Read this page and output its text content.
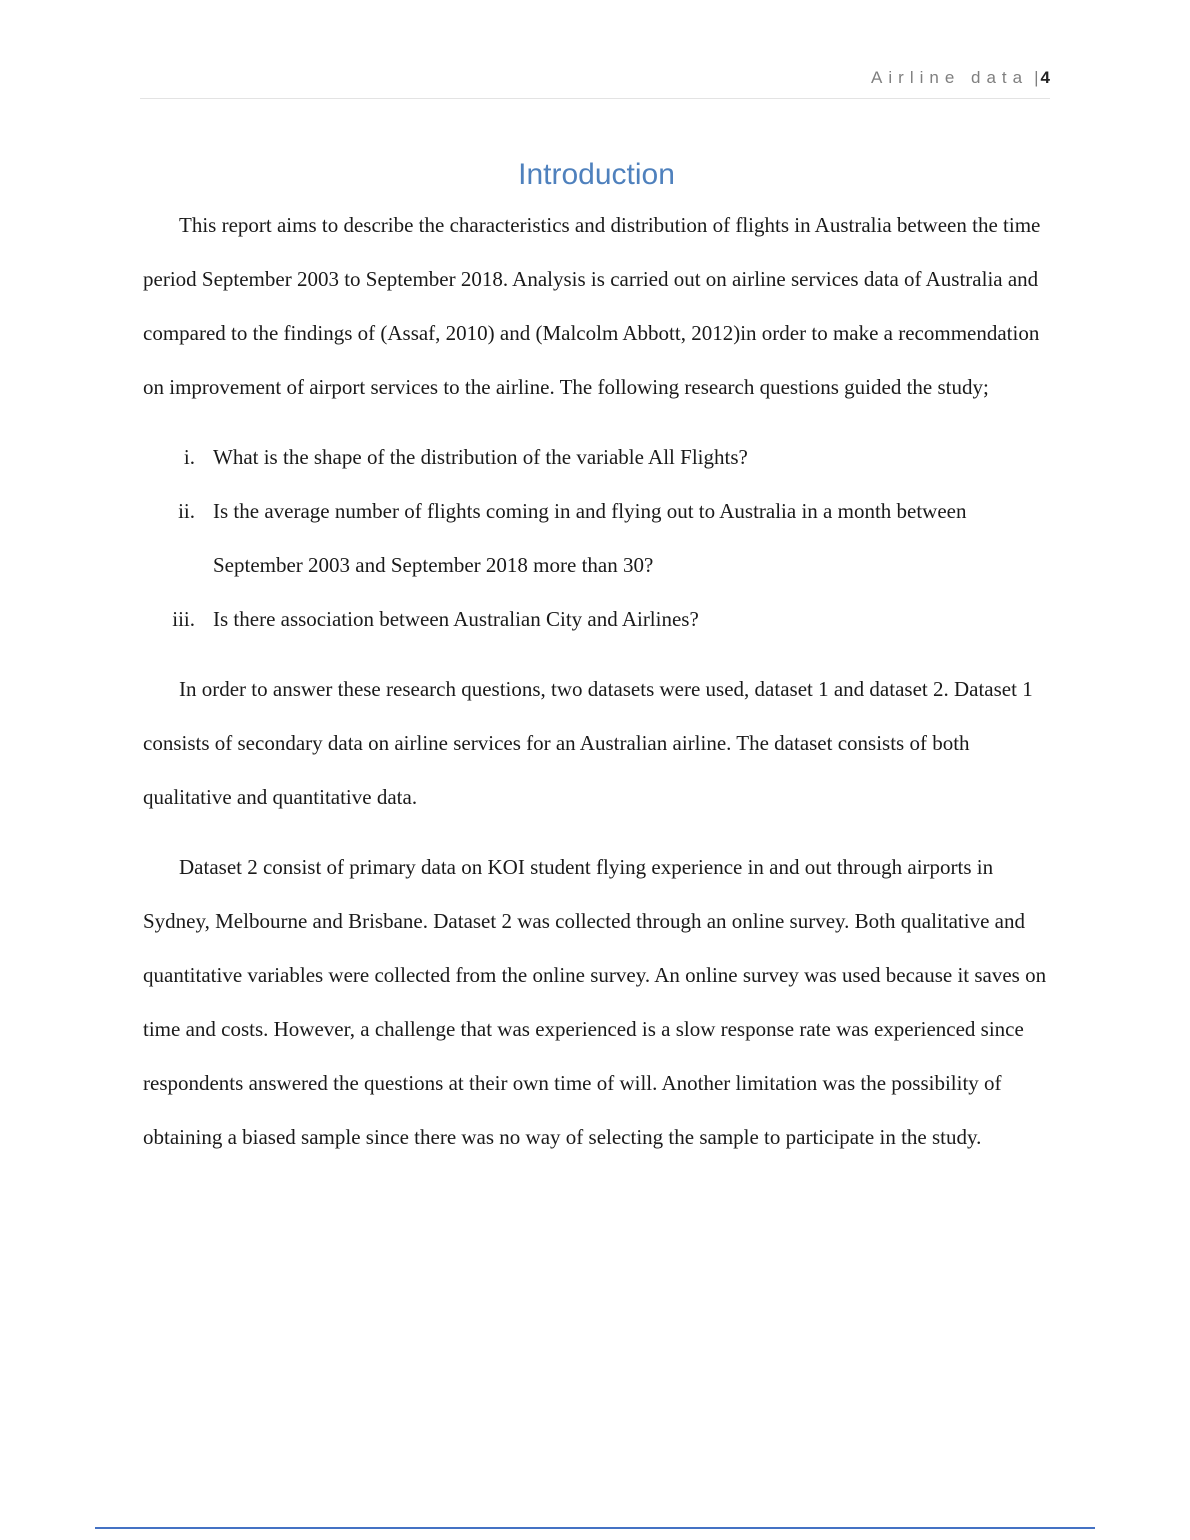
Airline data | 4
Introduction

This report aims to describe the characteristics and distribution of flights in Australia between the time period September 2003 to September 2018. Analysis is carried out on airline services data of Australia and compared to the findings of (Assaf, 2010) and (Malcolm Abbott, 2012)in order to make a recommendation on improvement of airport services to the airline. The following research questions guided the study;

i. What is the shape of the distribution of the variable All Flights?
ii. Is the average number of flights coming in and flying out to Australia in a month between September 2003 and September 2018 more than 30?
iii. Is there association between Australian City and Airlines?

In order to answer these research questions, two datasets were used, dataset 1 and dataset 2. Dataset 1 consists of secondary data on airline services for an Australian airline. The dataset consists of both qualitative and quantitative data.

Dataset 2 consist of primary data on KOI student flying experience in and out through airports in Sydney, Melbourne and Brisbane. Dataset 2 was collected through an online survey. Both qualitative and quantitative variables were collected from the online survey. An online survey was used because it saves on time and costs. However, a challenge that was experienced is a slow response rate was experienced since respondents answered the questions at their own time of will. Another limitation was the possibility of obtaining a biased sample since there was no way of selecting the sample to participate in the study.
